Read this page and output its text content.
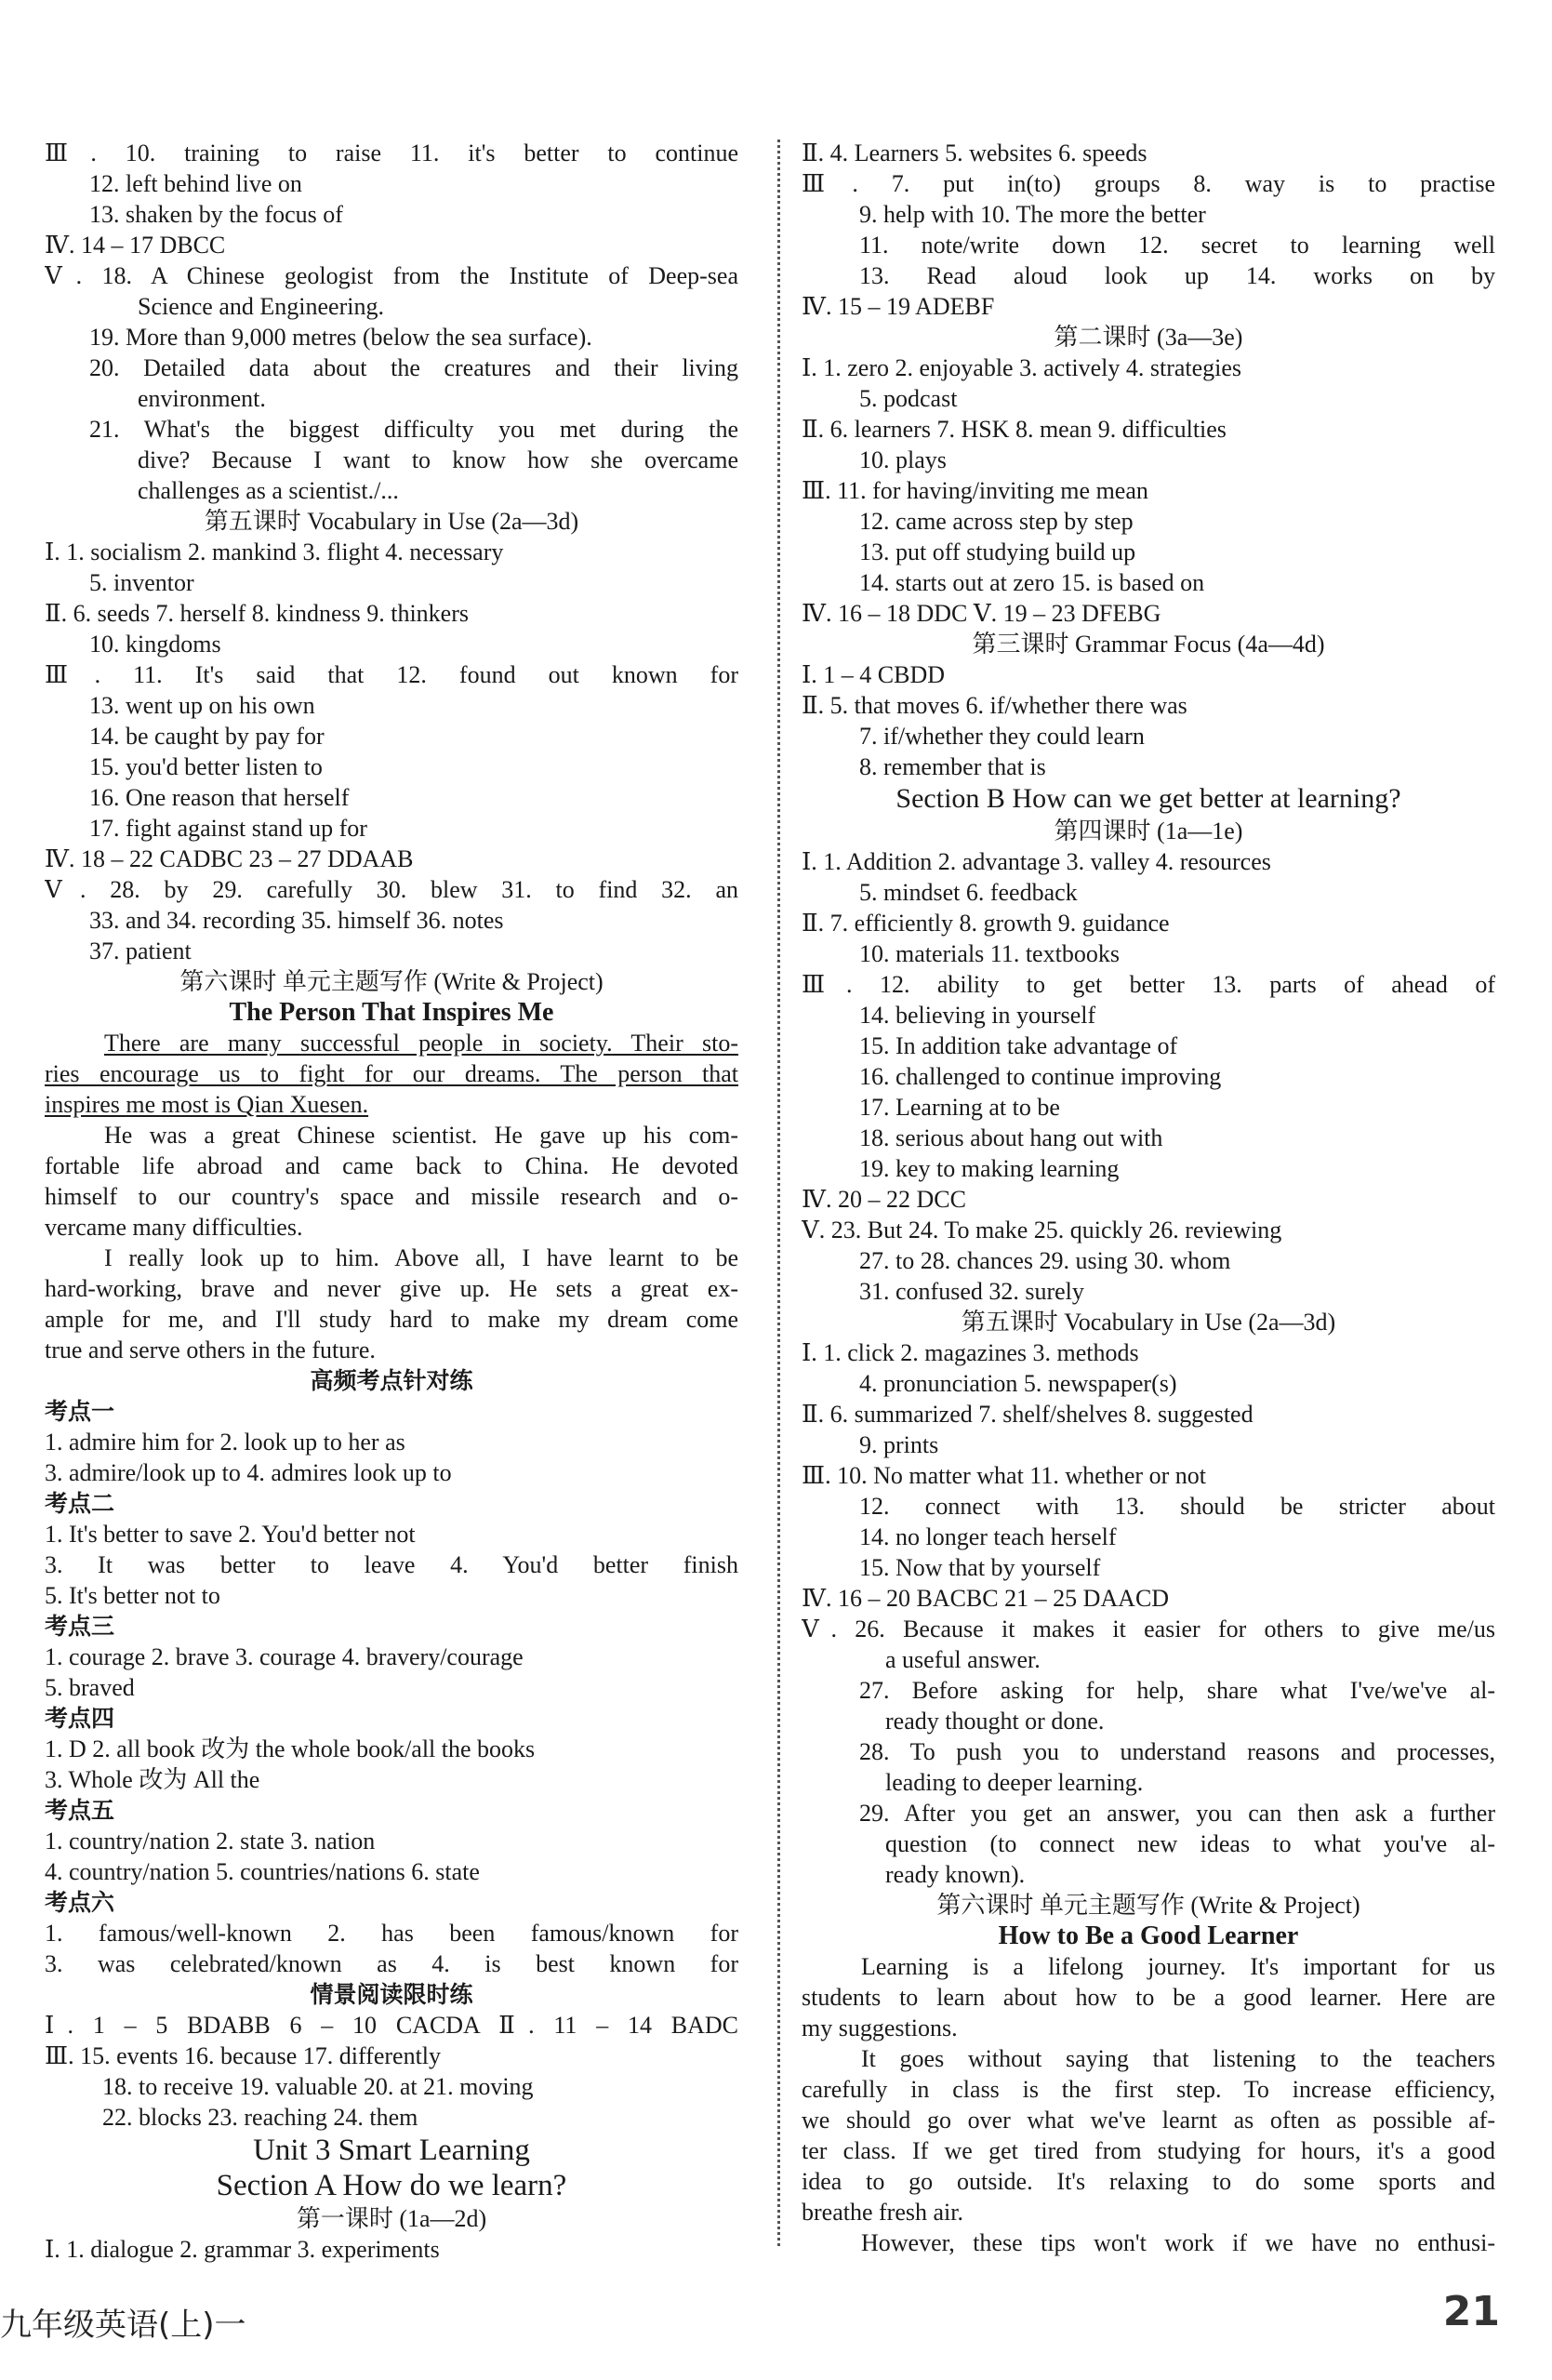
Ⅲ. 10. training to raise 11. it's better to continue
12. left behind live on
13. shaken by the focus of
Ⅳ. 14 – 17 DBCC
Ⅴ. 18. A Chinese geologist from the Institute of Deep-sea
Science and Engineering.
19. More than 9,000 metres (below the sea surface).
20. Detailed data about the creatures and their living
environment.
21. What's the biggest difficulty you met during the
dive? Because I want to know how she overcame
challenges as a scientist./...
第五课时 Vocabulary in Use (2a—3d)
Ⅰ. 1. socialism 2. mankind 3. flight 4. necessary
5. inventor
Ⅱ. 6. seeds 7. herself 8. kindness 9. thinkers
10. kingdoms
Ⅲ. 11. It's said that 12. found out known for
13. went up on his own
14. be caught by pay for
15. you'd better listen to
16. One reason that herself
17. fight against stand up for
Ⅳ. 18 – 22 CADBC 23 – 27 DDAAB
Ⅴ. 28. by 29. carefully 30. blew 31. to find 32. an
33. and 34. recording 35. himself 36. notes
37. patient
第六课时 单元主题写作 (Write & Project)
The Person That Inspires Me
There are many successful people in society. Their sto-
ries encourage us to fight for our dreams. The person that
inspires me most is Qian Xuesen.
He was a great Chinese scientist. He gave up his com-
fortable life abroad and came back to China. He devoted
himself to our country's space and missile research and o-
vercame many difficulties.
I really look up to him. Above all, I have learnt to be
hard-working, brave and never give up. He sets a great ex-
ample for me, and I'll study hard to make my dream come
true and serve others in the future.
高频考点针对练
考点一
1. admire him for 2. look up to her as
3. admire/look up to 4. admires look up to
考点二
1. It's better to save 2. You'd better not
3. It was better to leave 4. You'd better finish
5. It's better not to
考点三
1. courage 2. brave 3. courage 4. bravery/courage
5. braved
考点四
1. D 2. all book 改为 the whole book/all the books
3. Whole 改为 All the
考点五
1. country/nation 2. state 3. nation
4. country/nation 5. countries/nations 6. state
考点六
1. famous/well-known 2. has been famous/known for
3. was celebrated/known as 4. is best known for
情景阅读限时练
Ⅰ. 1 – 5 BDABB 6 – 10 CACDA Ⅱ. 11 – 14 BADC
Ⅲ. 15. events 16. because 17. differently
18. to receive 19. valuable 20. at 21. moving
22. blocks 23. reaching 24. them
Unit 3 Smart Learning
Section A How do we learn?
第一课时 (1a—2d)
Ⅰ. 1. dialogue 2. grammar 3. experiments
Ⅱ. 4. Learners 5. websites 6. speeds
Ⅲ. 7. put in(to) groups 8. way is to practise
9. help with 10. The more the better
11. note/write down 12. secret to learning well
13. Read aloud look up 14. works on by
Ⅳ. 15 – 19 ADEBF
第二课时 (3a—3e)
Ⅰ. 1. zero 2. enjoyable 3. actively 4. strategies
5. podcast
Ⅱ. 6. learners 7. HSK 8. mean 9. difficulties
10. plays
Ⅲ. 11. for having/inviting me mean
12. came across step by step
13. put off studying build up
14. starts out at zero 15. is based on
Ⅳ. 16 – 18 DDC Ⅴ. 19 – 23 DFEBG
第三课时 Grammar Focus (4a—4d)
Ⅰ. 1 – 4 CBDD
Ⅱ. 5. that moves 6. if/whether there was
7. if/whether they could learn
8. remember that is
Section B How can we get better at learning?
第四课时 (1a—1e)
Ⅰ. 1. Addition 2. advantage 3. valley 4. resources
5. mindset 6. feedback
Ⅱ. 7. efficiently 8. growth 9. guidance
10. materials 11. textbooks
Ⅲ. 12. ability to get better 13. parts of ahead of
14. believing in yourself
15. In addition take advantage of
16. challenged to continue improving
17. Learning at to be
18. serious about hang out with
19. key to making learning
Ⅳ. 20 – 22 DCC
Ⅴ. 23. But 24. To make 25. quickly 26. reviewing
27. to 28. chances 29. using 30. whom
31. confused 32. surely
第五课时 Vocabulary in Use (2a—3d)
Ⅰ. 1. click 2. magazines 3. methods
4. pronunciation 5. newspaper(s)
Ⅱ. 6. summarized 7. shelf/shelves 8. suggested
9. prints
Ⅲ. 10. No matter what 11. whether or not
12. connect with 13. should be stricter about
14. no longer teach herself
15. Now that by yourself
Ⅳ. 16 – 20 BACBC 21 – 25 DAACD
Ⅴ. 26. Because it makes it easier for others to give me/us
a useful answer.
27. Before asking for help, share what I've/we've al-
ready thought or done.
28. To push you to understand reasons and processes,
leading to deeper learning.
29. After you get an answer, you can then ask a further
question (to connect new ideas to what you've al-
ready known).
第六课时 单元主题写作 (Write & Project)
How to Be a Good Learner
Learning is a lifelong journey. It's important for us
students to learn about how to be a good learner. Here are
my suggestions.
It goes without saying that listening to the teachers
carefully in class is the first step. To increase efficiency,
we should go over what we've learnt as often as possible af-
ter class. If we get tired from studying for hours, it's a good
idea to go outside. It's relaxing to do some sports and
breathe fresh air.
However, these tips won't work if we have no enthusi-
九年级英语(上)一	21
